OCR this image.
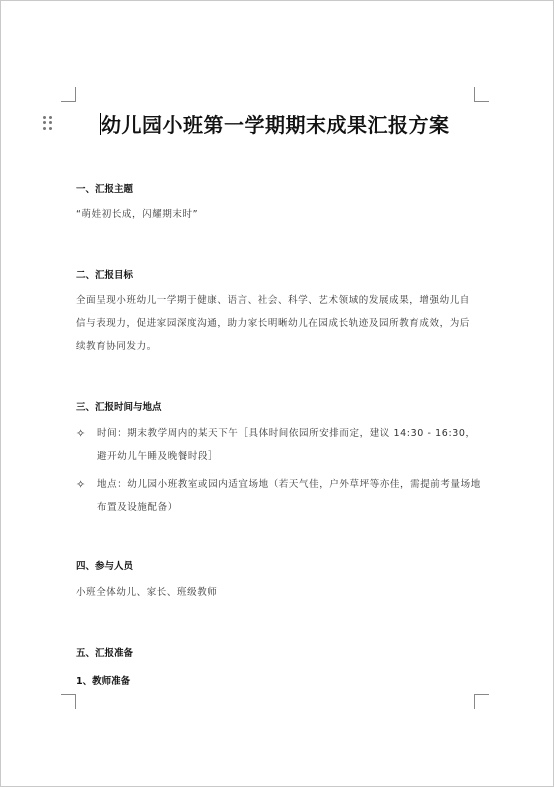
幼儿园小班第一学期期末成果汇报方案
一、汇报主题
“萌娃初长成，闪耀期末时”
二、汇报目标
全面呈现小班幼儿一学期于健康、语言、社会、科学、艺术领域的发展成果，增强幼儿自信与表现力，促进家园深度沟通，助力家长明晰幼儿在园成长轨迹及园所教育成效，为后续教育协同发力。
三、汇报时间与地点
✧ 时间：期末教学周内的某天下午［具体时间依园所安排而定，建议 14:30 - 16:30，避开幼儿午睡及晚餐时段］
✧ 地点：幼儿园小班教室或园内适宜场地（若天气佳，户外草坪等亦佳，需提前考量场地布置及设施配备）
四、参与人员
小班全体幼儿、家长、班级教师
五、汇报准备
1、教师准备
